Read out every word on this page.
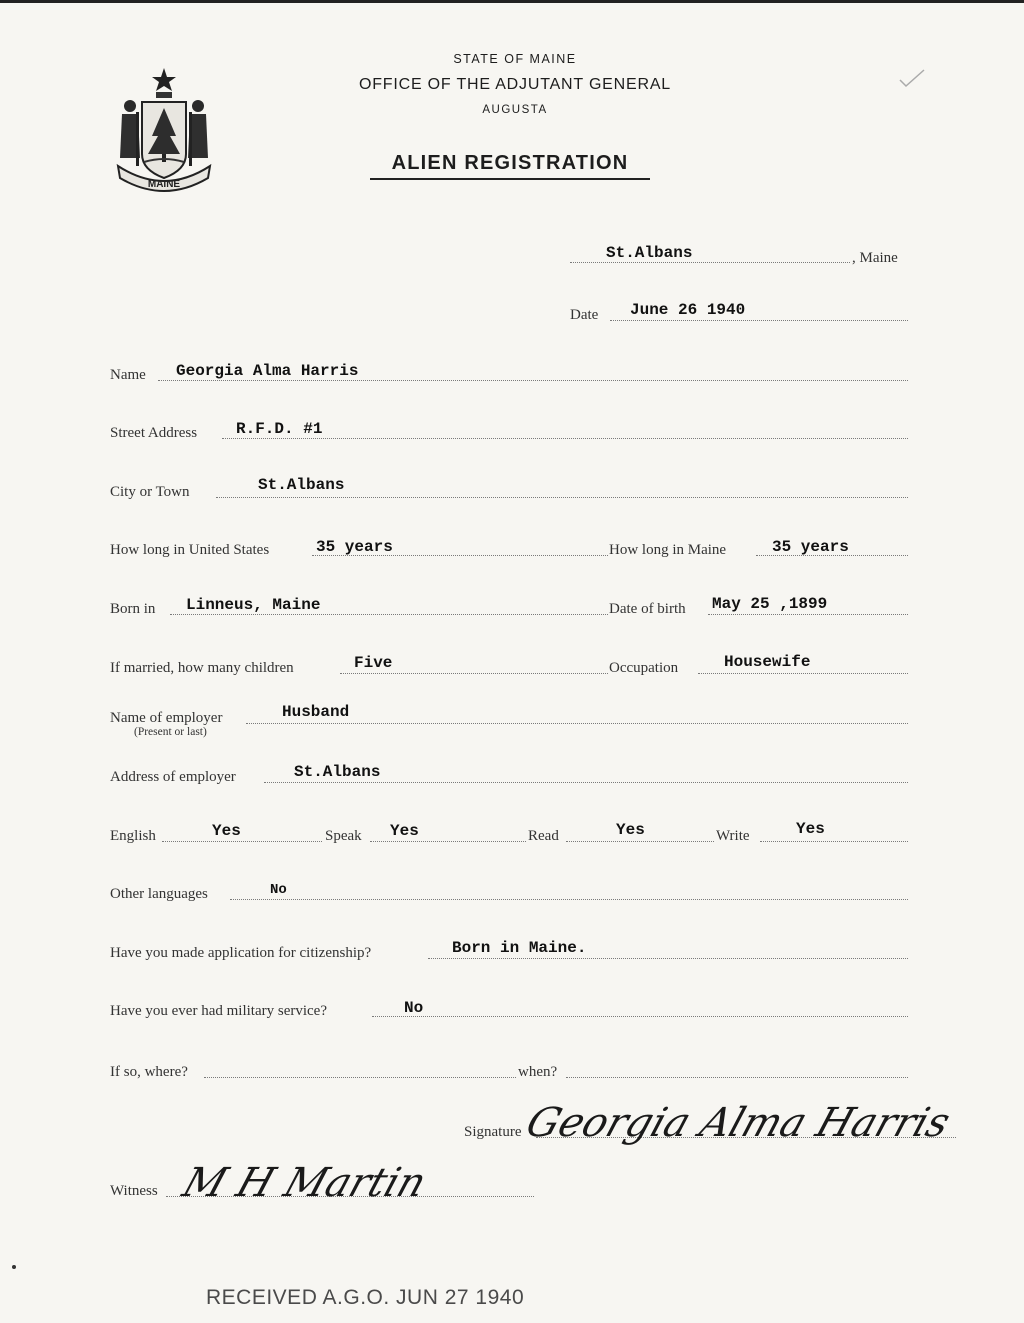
MAINE
STATE OF MAINE
OFFICE OF THE ADJUTANT GENERAL
AUGUSTA
ALIEN REGISTRATION
St.Albans	, Maine
Date June 26 1940
Name Georgia Alma Harris
Street Address R.F.D. #1
City or Town	St.Albans
How long in United States	35 years	How long in Maine	35 years
Born in Linneus, Maine	Date of birth May 25 ,1899
If married, how many children	Five	Occupation	Housewife
Name of employer
(Present or last)
Husband
Address of employer	St.Albans
English	Yes	Speak Yes	Read	Yes	Write	Yes
Other languages	No
Have you made application for citizenship?	Born in Maine.
Have you ever had military service?	No
If so, where?	when?
Signature Georgia Alma Harris
Witness M H Martin
RECEIVED A.G.O. JUN 27 1940
